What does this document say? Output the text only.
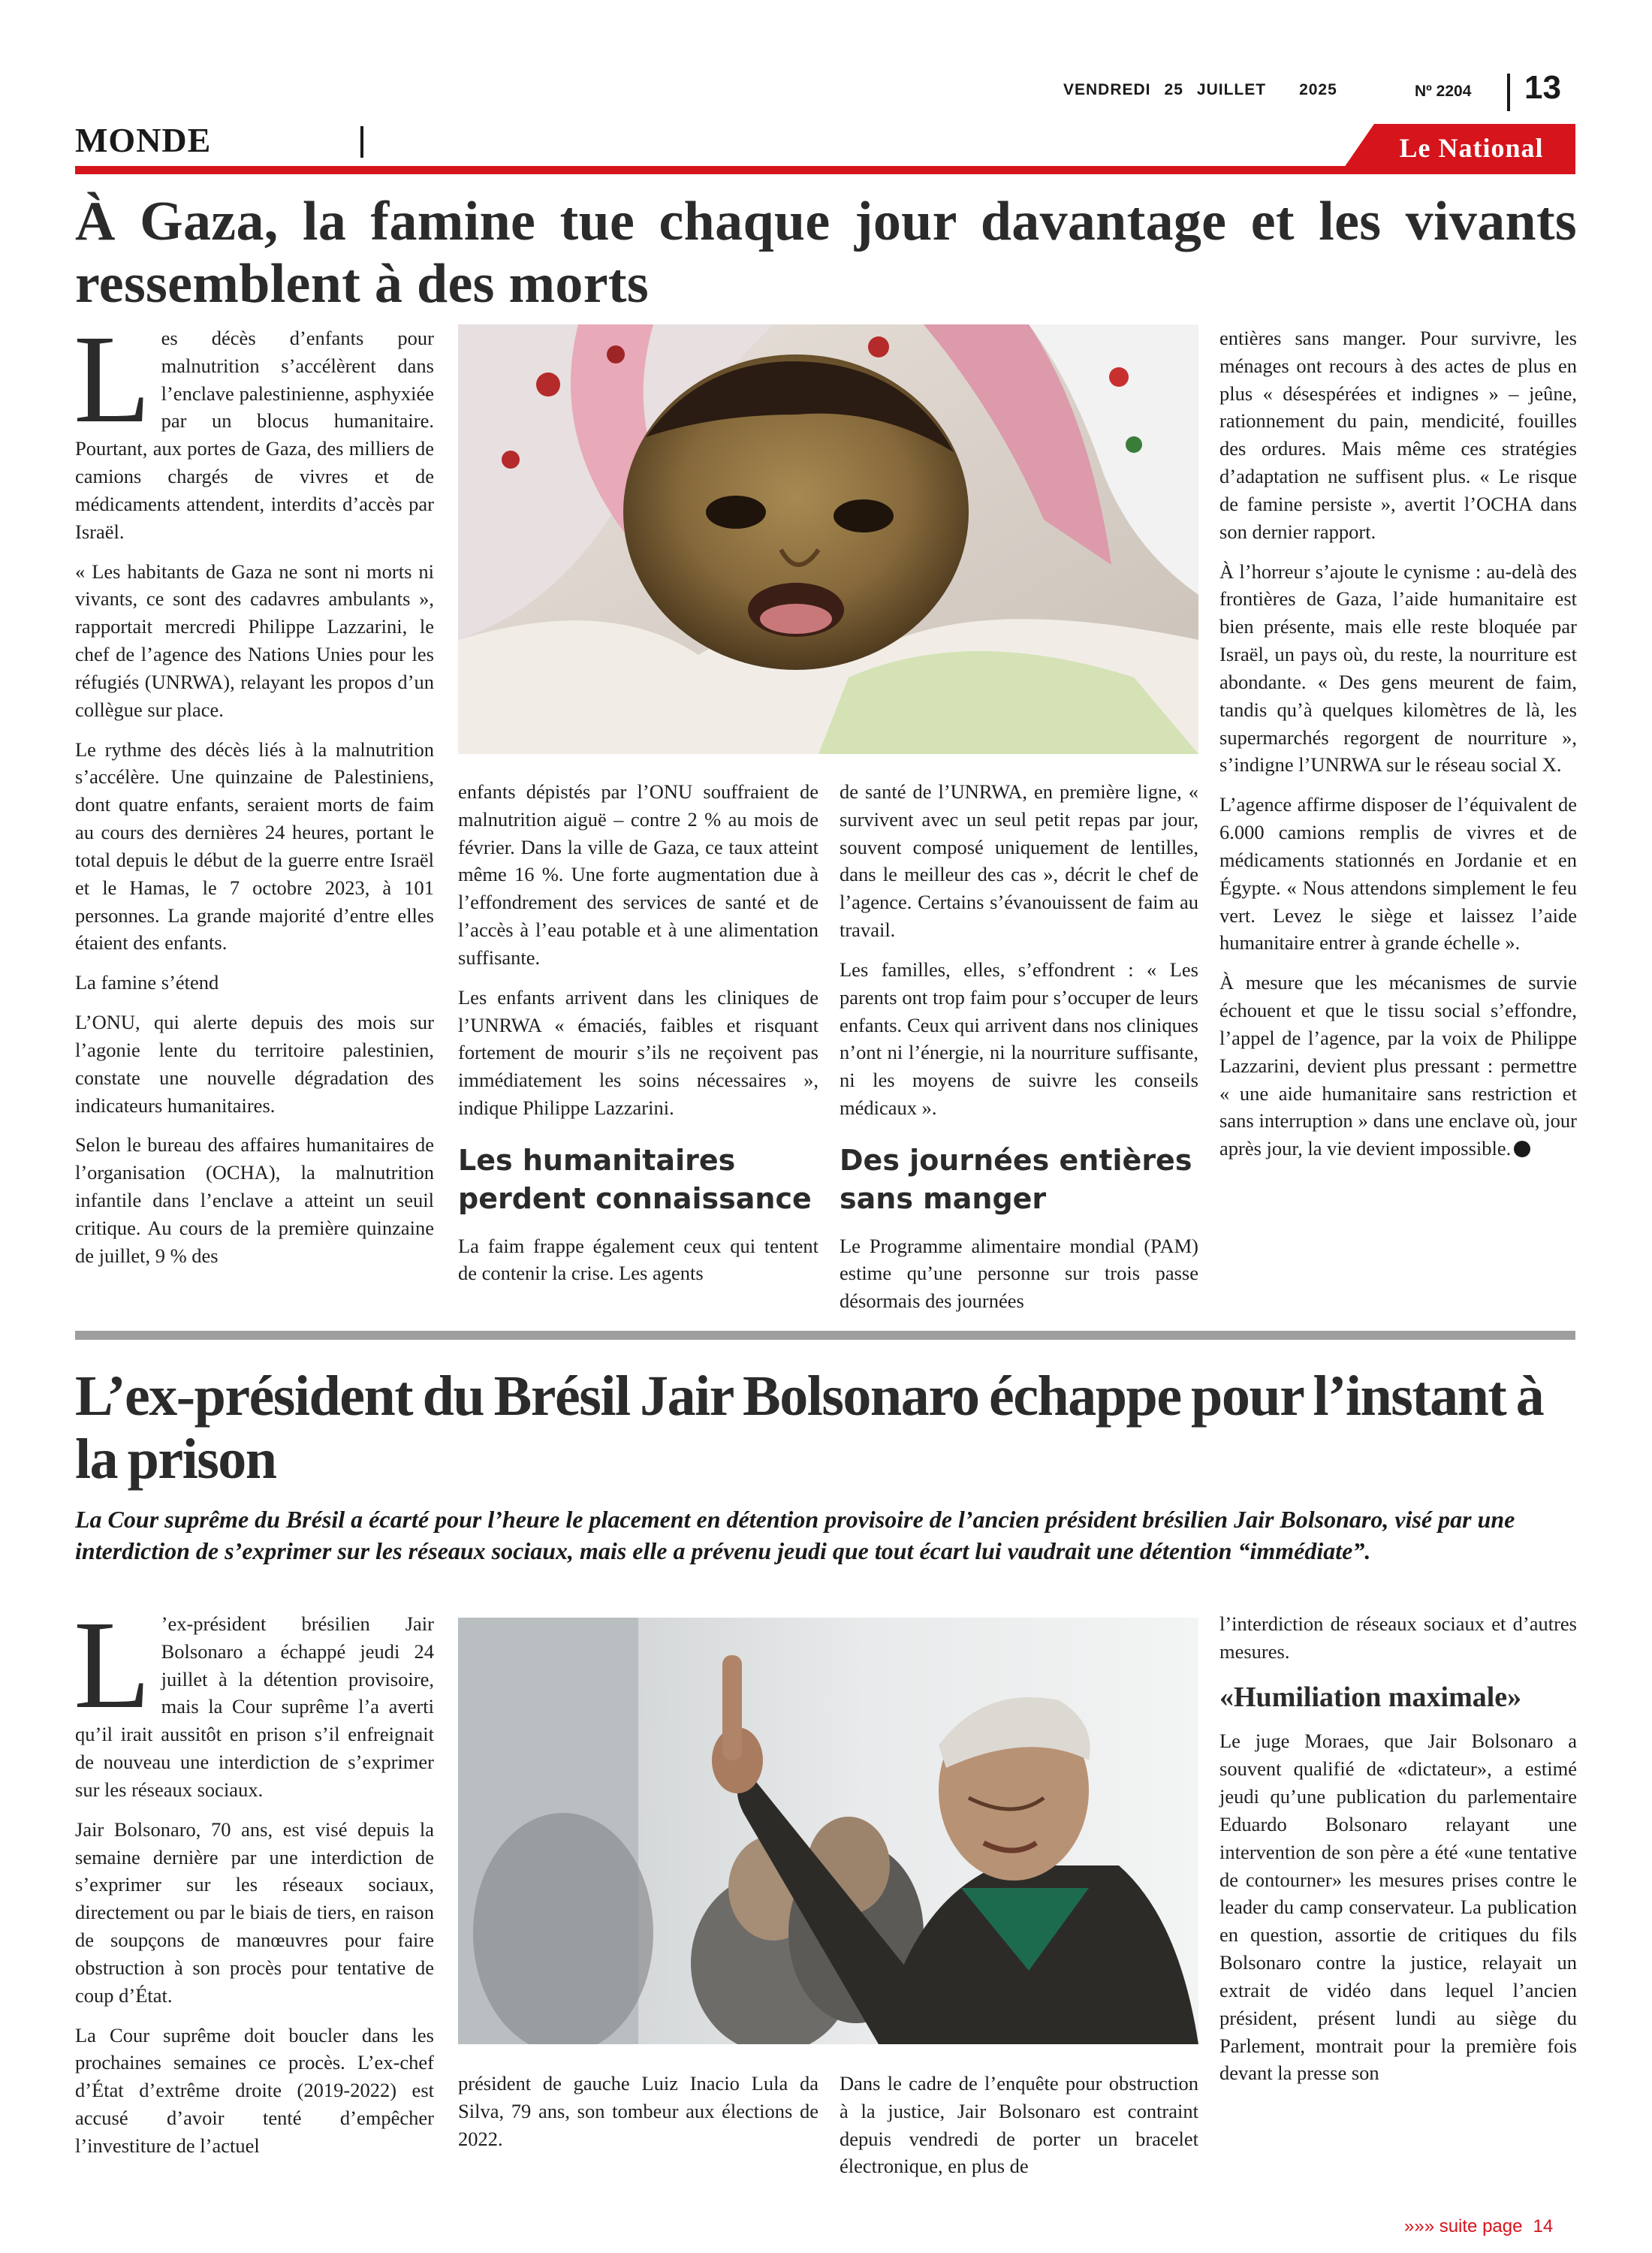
VENDREDI 25 JUILLET 2025	Nº 2204 13
MONDE	Le National
À Gaza, la famine tue chaque jour davantage et les vivants ressemblent à des morts

Les décès d’enfants pour malnutrition s’accélèrent dans l’enclave palestinienne, asphyxiée par un blocus humanitaire. Pourtant, aux portes de Gaza, des milliers de camions chargés de vivres et de médicaments attendent, interdits d’accès par Israël.

« Les habitants de Gaza ne sont ni morts ni vivants, ce sont des cadavres ambulants », rapportait mercredi Philippe Lazzarini, le chef de l’agence des Nations Unies pour les réfugiés (UNRWA), relayant les propos d’un collègue sur place.

Le rythme des décès liés à la malnutrition s’accélère. Une quinzaine de Palestiniens, dont quatre enfants, seraient morts de faim au cours des dernières 24 heures, portant le total depuis le début de la guerre entre Israël et le Hamas, le 7 octobre 2023, à 101 personnes. La grande majorité d’entre elles étaient des enfants.

La famine s’étend

L’ONU, qui alerte depuis des mois sur l’agonie lente du territoire palestinien, constate une nouvelle dégradation des indicateurs humanitaires.

Selon le bureau des affaires humanitaires de l’organisation (OCHA), la malnutrition infantile dans l’enclave a atteint un seuil critique. Au cours de la première quinzaine de juillet, 9 % des

enfants dépistés par l’ONU souffraient de malnutrition aiguë – contre 2 % au mois de février. Dans la ville de Gaza, ce taux atteint même 16 %. Une forte augmentation due à l’effondrement des services de santé et de l’accès à l’eau potable et à une alimentation suffisante.

Les enfants arrivent dans les cliniques de l’UNRWA « émaciés, faibles et risquant fortement de mourir s’ils ne reçoivent pas immédiatement les soins nécessaires », indique Philippe Lazzarini.

Les humanitaires perdent connaissance

La faim frappe également ceux qui tentent de contenir la crise. Les agents

de santé de l’UNRWA, en première ligne, « survivent avec un seul petit repas par jour, souvent composé uniquement de lentilles, dans le meilleur des cas », décrit le chef de l’agence. Certains s’évanouissent de faim au travail.

Les familles, elles, s’effondrent : « Les parents ont trop faim pour s’occuper de leurs enfants. Ceux qui arrivent dans nos cliniques n’ont ni l’énergie, ni la nourriture suffisante, ni les moyens de suivre les conseils médicaux ».

Des journées entières sans manger

Le Programme alimentaire mondial (PAM) estime qu’une personne sur trois passe désormais des journées

entières sans manger. Pour survivre, les ménages ont recours à des actes de plus en plus « désespérées et indignes » – jeûne, rationnement du pain, mendicité, fouilles des ordures. Mais même ces stratégies d’adaptation ne suffisent plus. « Le risque de famine persiste », avertit l’OCHA dans son dernier rapport.

À l’horreur s’ajoute le cynisme : au-delà des frontières de Gaza, l’aide humanitaire est bien présente, mais elle reste bloquée par Israël, un pays où, du reste, la nourriture est abondante. « Des gens meurent de faim, tandis qu’à quelques kilomètres de là, les supermarchés regorgent de nourriture », s’indigne l’UNRWA sur le réseau social X.

L’agence affirme disposer de l’équivalent de 6.000 camions remplis de vivres et de médicaments stationnés en Jordanie et en Égypte. « Nous attendons simplement le feu vert. Levez le siège et laissez l’aide humanitaire entrer à grande échelle ».

À mesure que les mécanismes de survie échouent et que le tissu social s’effondre, l’appel de l’agence, par la voix de Philippe Lazzarini, devient plus pressant : permettre « une aide humanitaire sans restriction et sans interruption » dans une enclave où, jour après jour, la vie devient impossible.

L’ex-président du Brésil Jair Bolsonaro échappe pour l’instant à la prison
La Cour suprême du Brésil a écarté pour l’heure le placement en détention provisoire de l’ancien président brésilien Jair Bolsonaro, visé par une interdiction de s’exprimer sur les réseaux sociaux, mais elle a prévenu jeudi que tout écart lui vaudrait une détention “immédiate”.

L ’ex-président brésilien Jair Bolsonaro a échappé jeudi 24 juillet à la détention provisoire, mais la Cour suprême l’a averti qu’il irait aussitôt en prison s’il enfreignait de nouveau une interdiction de s’exprimer sur les réseaux sociaux.

Jair Bolsonaro, 70 ans, est visé depuis la semaine dernière par une interdiction de s’exprimer sur les réseaux sociaux, directement ou par le biais de tiers, en raison de soupçons de manœuvres pour faire obstruction à son procès pour tentative de coup d’État.

La Cour suprême doit boucler dans les prochaines semaines ce procès. L’ex-chef d’État d’extrême droite (2019-2022) est accusé d’avoir tenté d’empêcher l’investiture de l’actuel

président de gauche Luiz Inacio Lula da Silva, 79 ans, son tombeur aux élections de 2022.

Dans le cadre de l’enquête pour obstruction à la justice, Jair Bolsonaro est contraint depuis vendredi de porter un bracelet électronique, en plus de

l’interdiction de réseaux sociaux et d’autres mesures.

«Humiliation maximale»

Le juge Moraes, que Jair Bolsonaro a souvent qualifié de «dictateur», a estimé jeudi qu’une publication du parlementaire Eduardo Bolsonaro relayant une intervention de son père a été «une tentative de contourner» les mesures prises contre le leader du camp conservateur. La publication en question, assortie de critiques du fils Bolsonaro contre la justice, relayait un extrait de vidéo dans lequel l’ancien président, présent lundi au siège du Parlement, montrait pour la première fois devant la presse son

»»» suite page 14
